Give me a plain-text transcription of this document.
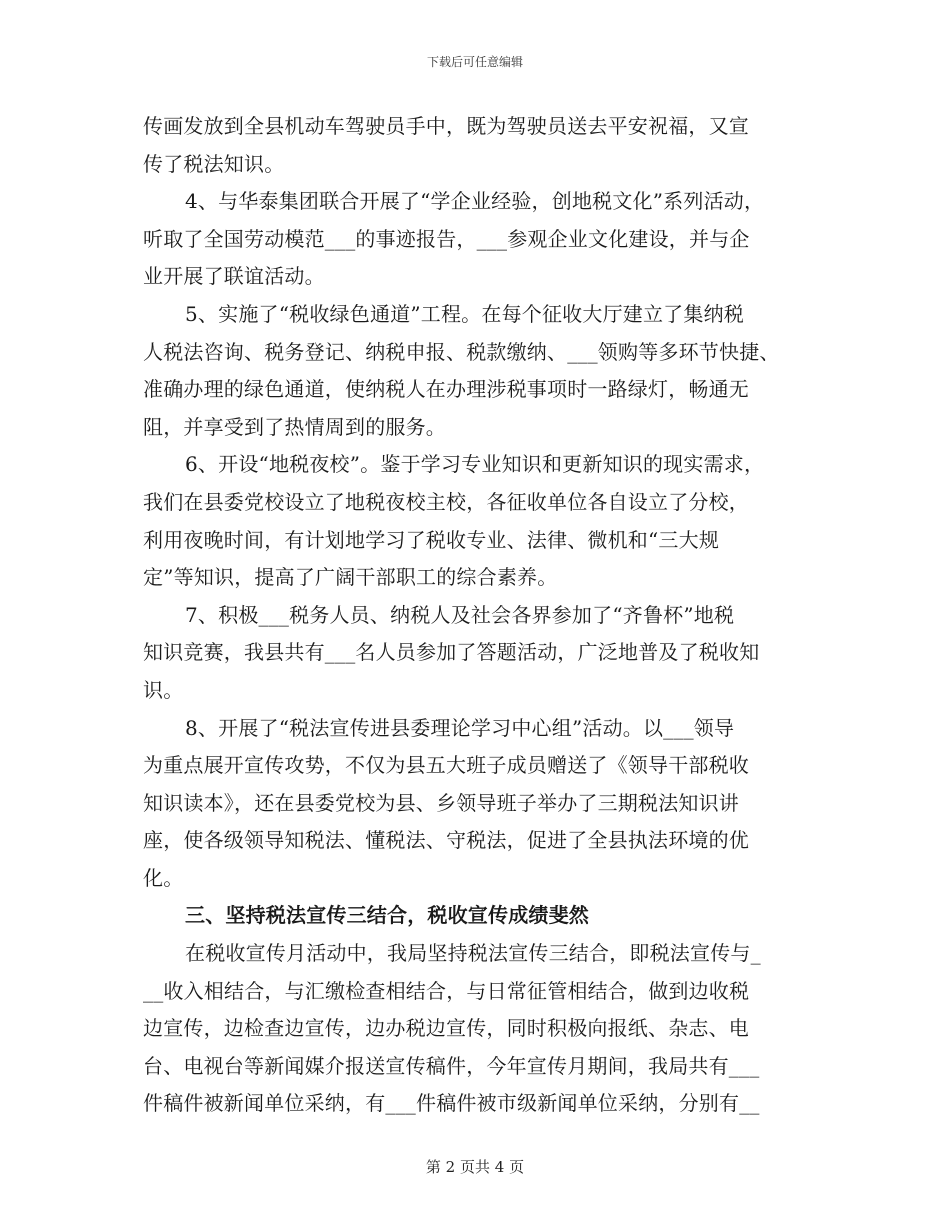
下载后可任意编辑
传画发放到全县机动车驾驶员手中，既为驾驶员送去平安祝福，又宣
传了税法知识。
4、与华泰集团联合开展了“学企业经验，创地税文化”系列活动，
听取了全国劳动模范___的事迹报告，___参观企业文化建设，并与企
业开展了联谊活动。
5、实施了“税收绿色通道”工程。在每个征收大厅建立了集纳税
人税法咨询、税务登记、纳税申报、税款缴纳、___领购等多环节快捷、
准确办理的绿色通道，使纳税人在办理涉税事项时一路绿灯，畅通无
阻，并享受到了热情周到的服务。
6、开设“地税夜校”。鉴于学习专业知识和更新知识的现实需求，
我们在县委党校设立了地税夜校主校，各征收单位各自设立了分校，
利用夜晚时间，有计划地学习了税收专业、法律、微机和“三大规
定”等知识，提高了广阔干部职工的综合素养。
7、积极___税务人员、纳税人及社会各界参加了“齐鲁杯”地税
知识竞赛，我县共有___名人员参加了答题活动，广泛地普及了税收知
识。
8、开展了“税法宣传进县委理论学习中心组”活动。以___领导
为重点展开宣传攻势，不仅为县五大班子成员赠送了《领导干部税收
知识读本》，还在县委党校为县、乡领导班子举办了三期税法知识讲
座，使各级领导知税法、懂税法、守税法，促进了全县执法环境的优
化。
三、坚持税法宣传三结合，税收宣传成绩斐然
在税收宣传月活动中，我局坚持税法宣传三结合，即税法宣传与_
__收入相结合，与汇缴检查相结合，与日常征管相结合，做到边收税
边宣传，边检查边宣传，边办税边宣传，同时积极向报纸、杂志、电
台、电视台等新闻媒介报送宣传稿件，今年宣传月期间，我局共有___
件稿件被新闻单位采纳，有___件稿件被市级新闻单位采纳，分别有__
第 2 页共 4 页
